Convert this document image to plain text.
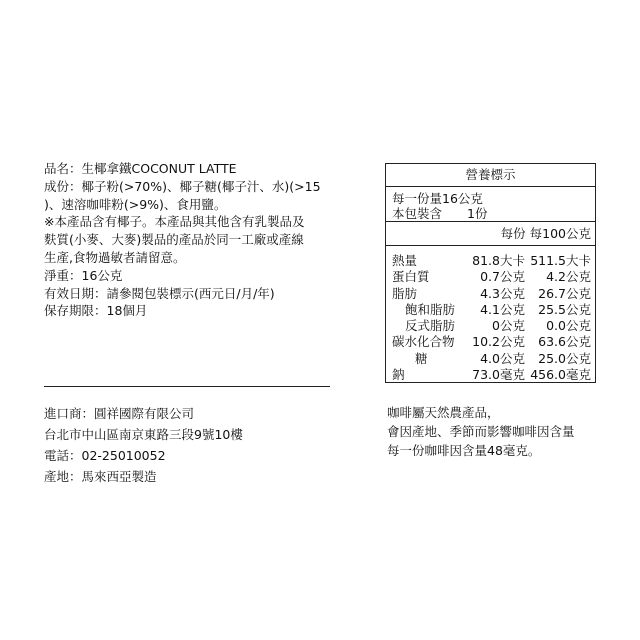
品名：生椰拿鐵COCONUT LATTE
成份：椰子粉(>70%)、椰子糖(椰子汁、水)(>15
)、速溶咖啡粉(>9%)、食用鹽。
※本產品含有椰子。本產品與其他含有乳製品及
麩質(小麥、大麥)製品的產品於同一工廠或產線
生產,食物過敏者請留意。
淨重：16公克
有效日期：請參閱包裝標示(西元日/月/年)
保存期限：18個月
營養標示
每一份量16公克
本包裝含　　1份
每份 每100公克
熱量	81.8大卡 511.5大卡
蛋白質	0.7公克 4.2公克
脂肪	4.3公克 26.7公克
飽和脂肪 4.1公克 25.5公克
反式脂肪	0公克 0.0公克
碳水化合物 10.2公克 63.6公克
糖	4.0公克 25.0公克
鈉	73.0毫克 456.0毫克
進口商：圓祥國際有限公司
台北市中山區南京東路三段9號10樓
電話：02-25010052
產地：馬來西亞製造
咖啡屬天然農產品，
會因產地、季節而影響咖啡因含量
每一份咖啡因含量48毫克。
